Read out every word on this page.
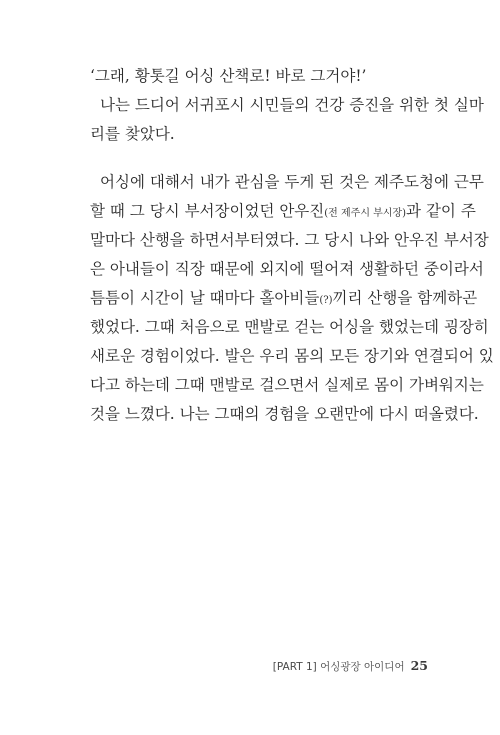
‘그래, 황톳길 어싱 산책로! 바로 그거야!’
나는 드디어 서귀포시 시민들의 건강 증진을 위한 첫 실마
리를 찾았다.
어싱에 대해서 내가 관심을 두게 된 것은 제주도청에 근무
할 때 그 당시 부서장이었던 안우진(전 제주시 부시장)과 같이 주
말마다 산행을 하면서부터였다. 그 당시 나와 안우진 부서장
은 아내들이 직장 때문에 외지에 떨어져 생활하던 중이라서
틈틈이 시간이 날 때마다 홀아비들(?)끼리 산행을 함께하곤
했었다. 그때 처음으로 맨발로 걷는 어싱을 했었는데 굉장히
새로운 경험이었다. 발은 우리 몸의 모든 장기와 연결되어 있
다고 하는데 그때 맨발로 걸으면서 실제로 몸이 가벼워지는
것을 느꼈다. 나는 그때의 경험을 오랜만에 다시 떠올렸다.
[PART 1] 어싱광장 아이디어 25
